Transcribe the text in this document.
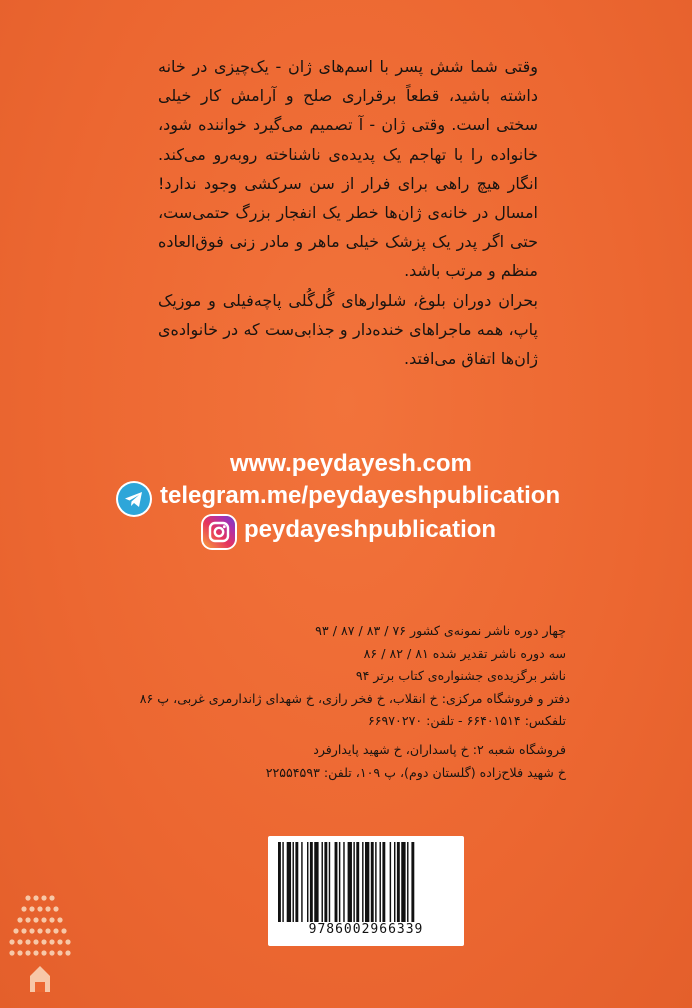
وقتی شما شش پسر با اسم‌های ژان - یک‌چیزی در خانه داشته باشید، قطعاً برقراری صلح و آرامش کار خیلی سختی است. وقتی ژان - آ تصمیم می‌گیرد خواننده شود، خانواده را با تهاجم یک پدیده‌ی ناشناخته روبه‌رو می‌کند. انگار هیچ راهی برای فرار از سن سرکشی وجود ندارد! امسال در خانه‌ی ژان‌ها خطر یک انفجار بزرگ حتمی‌ست، حتی اگر پدر یک پزشک خیلی ماهر و مادر زنی فوق‌العاده منظم و مرتب باشد.

بحران دوران بلوغ، شلوارهای گُل‌گُلی پاچه‌فیلی و موزیک پاپ، همه ماجراهای خنده‌دار و جذابی‌ست که در خانواده‌ی ژان‌ها اتفاق می‌افتد.

www.peydayesh.com
telegram.me/peydayeshpublication
peydayeshpublication
چهار دوره ناشر نمونه‌ی کشور ۷۶ / ۸۳ / ۸۷ / ۹۳
سه دوره ناشر تقدیر شده ۸۱ / ۸۲ / ۸۶
ناشر برگزیده‌ی جشنواره‌ی کتاب برتر ۹۴
دفتر و فروشگاه مرکزی: خ انقلاب، خ فخر رازی، خ شهدای ژاندارمری غربی، پ ۸۶
تلفکس: ۶۶۴۰۱۵۱۴ - تلفن: ۶۶۹۷۰۲۷۰
فروشگاه شعبه ۲: خ پاسداران، خ شهید پایدارفرد
خ شهید فلاح‌زاده (گلستان دوم)، پ ۱۰۹، تلفن: ۲۲۵۵۴۵۹۳
9786002966339
